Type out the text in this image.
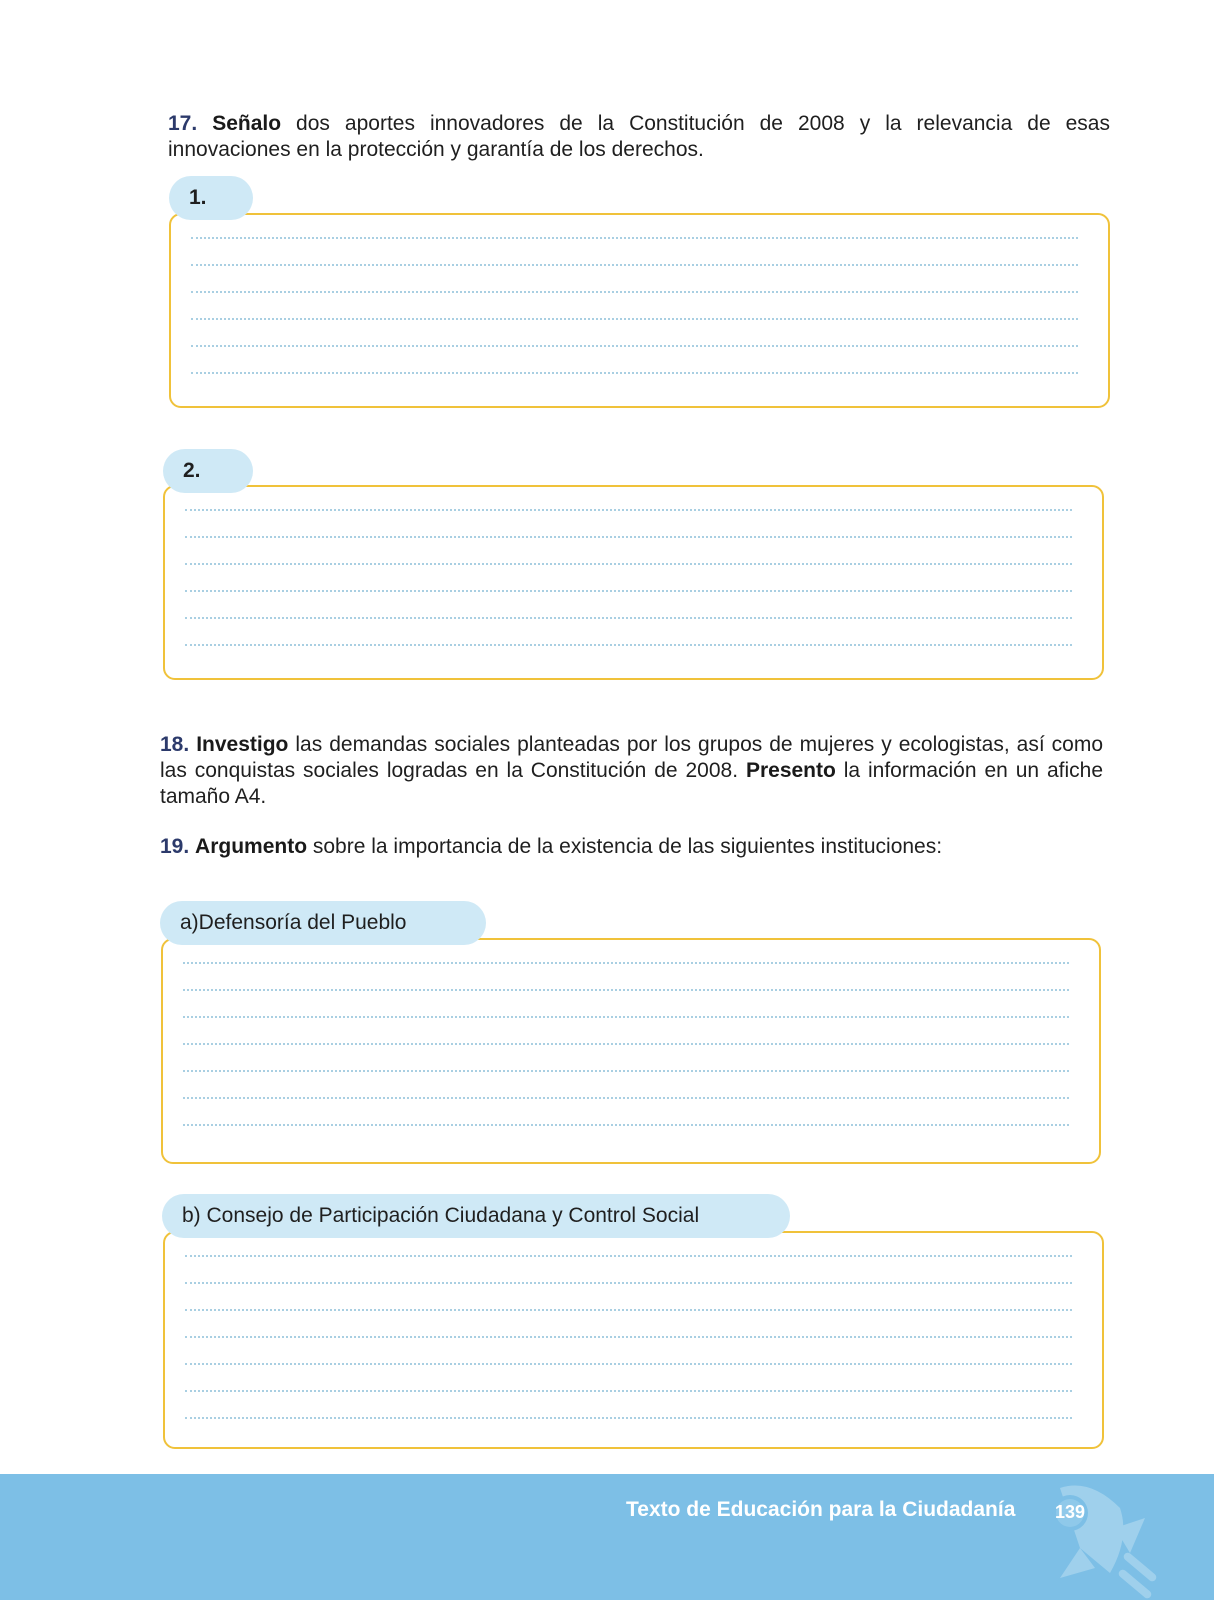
17. Señalo dos aportes innovadores de la Constitución de 2008 y la relevancia de esas innovaciones en la protección y garantía de los derechos.

1.
2.

18. Investigo las demandas sociales planteadas por los grupos de mujeres y ecologistas, así como las conquistas sociales logradas en la Constitución de 2008. Presento la información en un afiche tamaño A4.

19. Argumento sobre la importancia de la existencia de las siguientes instituciones:

a)Defensoría del Pueblo
b) Consejo de Participación Ciudadana y Control Social
Texto de Educación para la Ciudadanía 139
